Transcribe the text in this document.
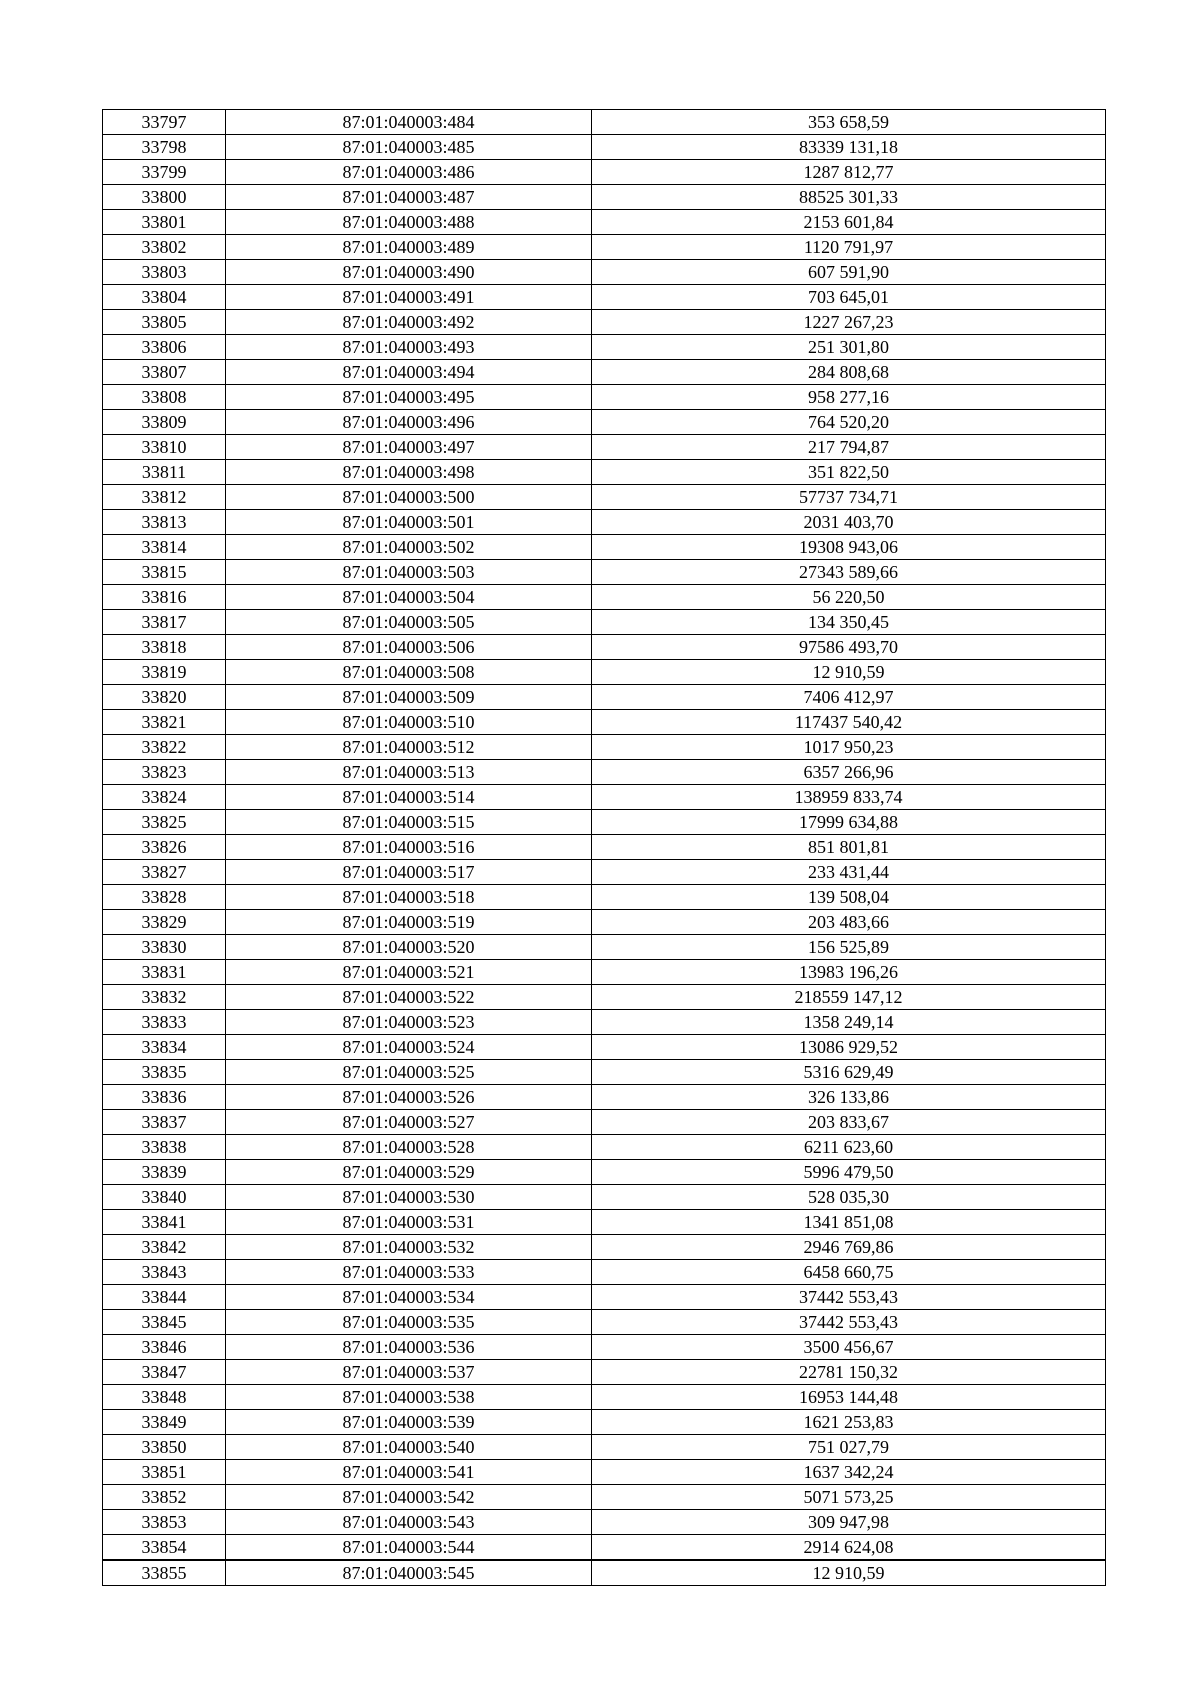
33797	87:01:040003:484	353 658,59
33798	87:01:040003:485	83339 131,18
33799	87:01:040003:486	1287 812,77
33800	87:01:040003:487	88525 301,33
33801	87:01:040003:488	2153 601,84
33802	87:01:040003:489	1120 791,97
33803	87:01:040003:490	607 591,90
33804	87:01:040003:491	703 645,01
33805	87:01:040003:492	1227 267,23
33806	87:01:040003:493	251 301,80
33807	87:01:040003:494	284 808,68
33808	87:01:040003:495	958 277,16
33809	87:01:040003:496	764 520,20
33810	87:01:040003:497	217 794,87
33811	87:01:040003:498	351 822,50
33812	87:01:040003:500	57737 734,71
33813	87:01:040003:501	2031 403,70
33814	87:01:040003:502	19308 943,06
33815	87:01:040003:503	27343 589,66
33816	87:01:040003:504	56 220,50
33817	87:01:040003:505	134 350,45
33818	87:01:040003:506	97586 493,70
33819	87:01:040003:508	12 910,59
33820	87:01:040003:509	7406 412,97
33821	87:01:040003:510	117437 540,42
33822	87:01:040003:512	1017 950,23
33823	87:01:040003:513	6357 266,96
33824	87:01:040003:514	138959 833,74
33825	87:01:040003:515	17999 634,88
33826	87:01:040003:516	851 801,81
33827	87:01:040003:517	233 431,44
33828	87:01:040003:518	139 508,04
33829	87:01:040003:519	203 483,66
33830	87:01:040003:520	156 525,89
33831	87:01:040003:521	13983 196,26
33832	87:01:040003:522	218559 147,12
33833	87:01:040003:523	1358 249,14
33834	87:01:040003:524	13086 929,52
33835	87:01:040003:525	5316 629,49
33836	87:01:040003:526	326 133,86
33837	87:01:040003:527	203 833,67
33838	87:01:040003:528	6211 623,60
33839	87:01:040003:529	5996 479,50
33840	87:01:040003:530	528 035,30
33841	87:01:040003:531	1341 851,08
33842	87:01:040003:532	2946 769,86
33843	87:01:040003:533	6458 660,75
33844	87:01:040003:534	37442 553,43
33845	87:01:040003:535	37442 553,43
33846	87:01:040003:536	3500 456,67
33847	87:01:040003:537	22781 150,32
33848	87:01:040003:538	16953 144,48
33849	87:01:040003:539	1621 253,83
33850	87:01:040003:540	751 027,79
33851	87:01:040003:541	1637 342,24
33852	87:01:040003:542	5071 573,25
33853	87:01:040003:543	309 947,98
33854	87:01:040003:544	2914 624,08
33855	87:01:040003:545	12 910,59
